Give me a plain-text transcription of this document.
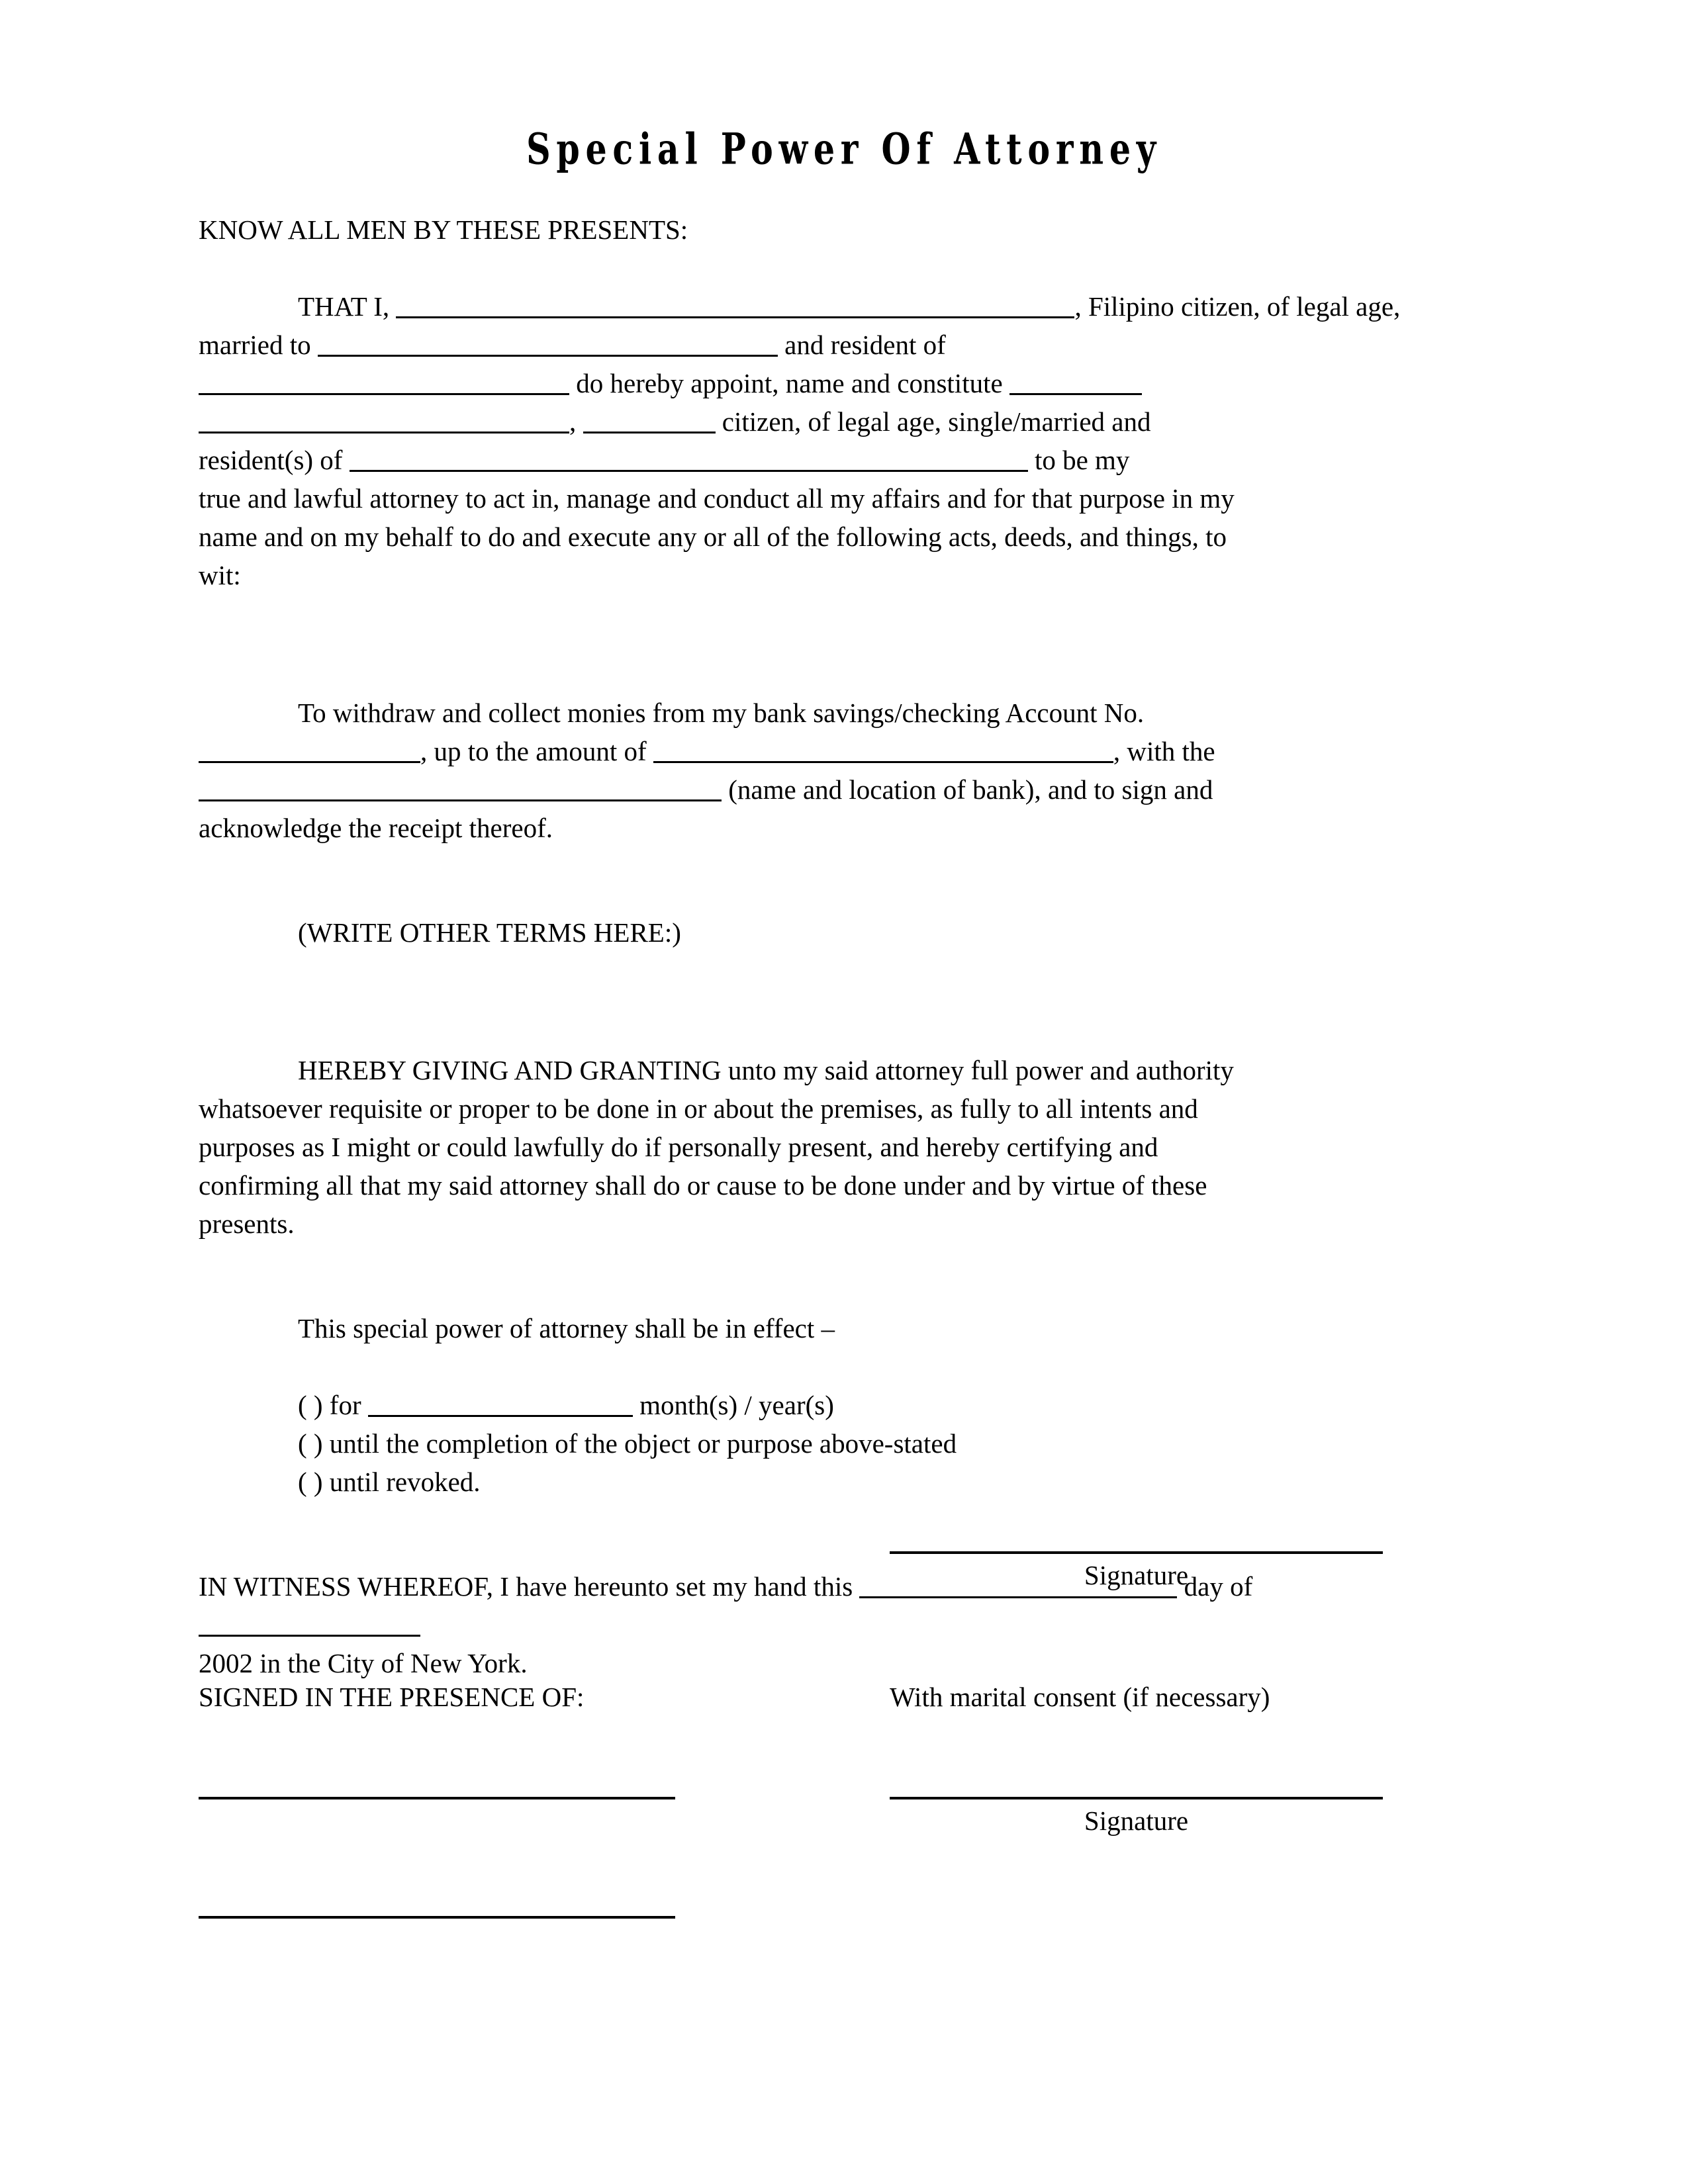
Special Power Of Attorney

KNOW ALL MEN BY THESE PRESENTS:

THAT I,	, Filipino citizen, of legal age,

married to	and resident of

do hereby appoint, name and constitute

,	citizen, of legal age, single/married and

resident(s) of	to be my

true and lawful attorney to act in, manage and conduct all my affairs and for that purpose in my

name and on my behalf to do and execute any or all of the following acts, deeds, and things, to

wit:

To withdraw and collect monies from my bank savings/checking Account No.

, up to the amount of	, with the

(name and location of bank), and to sign and

acknowledge the receipt thereof.

(WRITE OTHER TERMS HERE:)

HEREBY GIVING AND GRANTING unto my said attorney full power and authority

whatsoever requisite or proper to be done in or about the premises, as fully to all intents and

purposes as I might or could lawfully do if personally present, and hereby certifying and

confirming all that my said attorney shall do or cause to be done under and by virtue of these

presents.

This special power of attorney shall be in effect –

( ) for	month(s) / year(s)

( ) until the completion of the object or purpose above-stated

( ) until revoked.

IN WITNESS WHEREOF, I have hereunto set my hand this	day of

2002 in the City of New York.

Signature
SIGNED IN THE PRESENCE OF:	With marital consent (if necessary)
Signature
